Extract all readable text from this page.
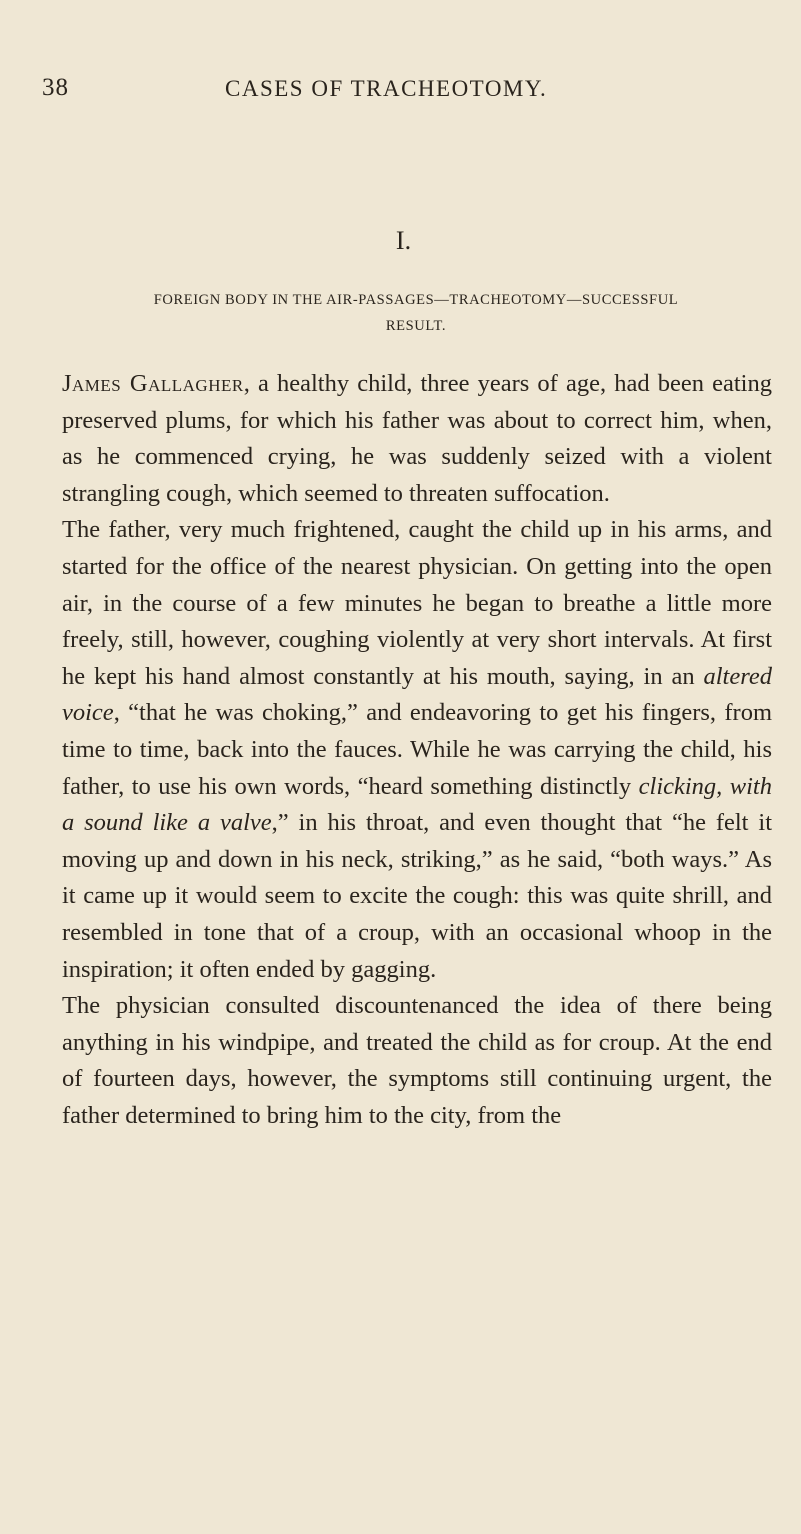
38	CASES OF TRACHEOTOMY.
I.
FOREIGN BODY IN THE AIR-PASSAGES—TRACHEOTOMY—SUCCESSFUL
RESULT.

James Gallagher, a healthy child, three years of age, had been eating preserved plums, for which his father was about to correct him, when, as he commenced crying, he was suddenly seized with a violent strangling cough, which seemed to threaten suffocation.

The father, very much frightened, caught the child up in his arms, and started for the office of the nearest physician. On getting into the open air, in the course of a few minutes he began to breathe a little more freely, still, however, coughing violently at very short intervals. At first he kept his hand almost constantly at his mouth, saying, in an altered voice, “that he was choking,” and endeavoring to get his fingers, from time to time, back into the fauces. While he was carrying the child, his father, to use his own words, “heard something distinctly clicking, with a sound like a valve,” in his throat, and even thought that “he felt it moving up and down in his neck, striking,” as he said, “both ways.” As it came up it would seem to excite the cough: this was quite shrill, and resembled in tone that of a croup, with an occasional whoop in the inspiration; it often ended by gagging.

The physician consulted discountenanced the idea of there being anything in his windpipe, and treated the child as for croup. At the end of fourteen days, however, the symptoms still continuing urgent, the father determined to bring him to the city, from the
